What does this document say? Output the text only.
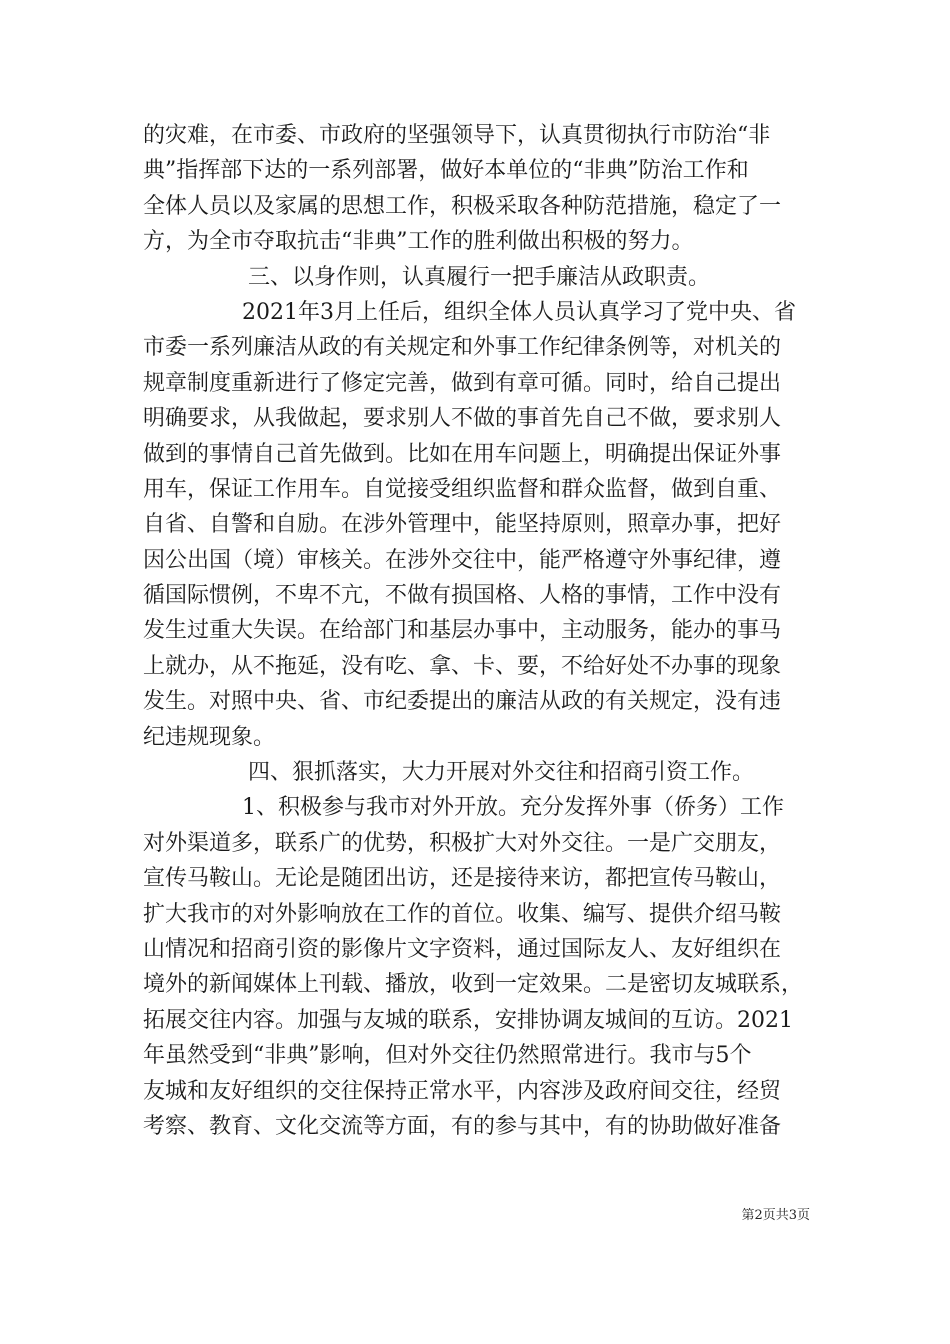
的灾难，在市委、市政府的坚强领导下，认真贯彻执行市防治“非
典”指挥部下达的一系列部署，做好本单位的“非典”防治工作和
全体人员以及家属的思想工作，积极采取各种防范措施，稳定了一
方，为全市夺取抗击“非典”工作的胜利做出积极的努力。
三、以身作则，认真履行一把手廉洁从政职责。
2021年3月上任后，组织全体人员认真学习了党中央、省
市委一系列廉洁从政的有关规定和外事工作纪律条例等，对机关的
规章制度重新进行了修定完善，做到有章可循。同时，给自己提出
明确要求，从我做起，要求别人不做的事首先自己不做，要求别人
做到的事情自己首先做到。比如在用车问题上，明确提出保证外事
用车，保证工作用车。自觉接受组织监督和群众监督，做到自重、
自省、自警和自励。在涉外管理中，能坚持原则，照章办事，把好
因公出国（境）审核关。在涉外交往中，能严格遵守外事纪律，遵
循国际惯例，不卑不亢，不做有损国格、人格的事情，工作中没有
发生过重大失误。在给部门和基层办事中，主动服务，能办的事马
上就办，从不拖延，没有吃、拿、卡、要，不给好处不办事的现象
发生。对照中央、省、市纪委提出的廉洁从政的有关规定，没有违
纪违规现象。
四、狠抓落实，大力开展对外交往和招商引资工作。
1、积极参与我市对外开放。充分发挥外事（侨务）工作
对外渠道多，联系广的优势，积极扩大对外交往。一是广交朋友，
宣传马鞍山。无论是随团出访，还是接待来访，都把宣传马鞍山，
扩大我市的对外影响放在工作的首位。收集、编写、提供介绍马鞍
山情况和招商引资的影像片文字资料，通过国际友人、友好组织在
境外的新闻媒体上刊载、播放，收到一定效果。二是密切友城联系，
拓展交往内容。加强与友城的联系，安排协调友城间的互访。2021
年虽然受到“非典”影响，但对外交往仍然照常进行。我市与5个
友城和友好组织的交往保持正常水平，内容涉及政府间交往，经贸
考察、教育、文化交流等方面，有的参与其中，有的协助做好准备
第2页共3页
